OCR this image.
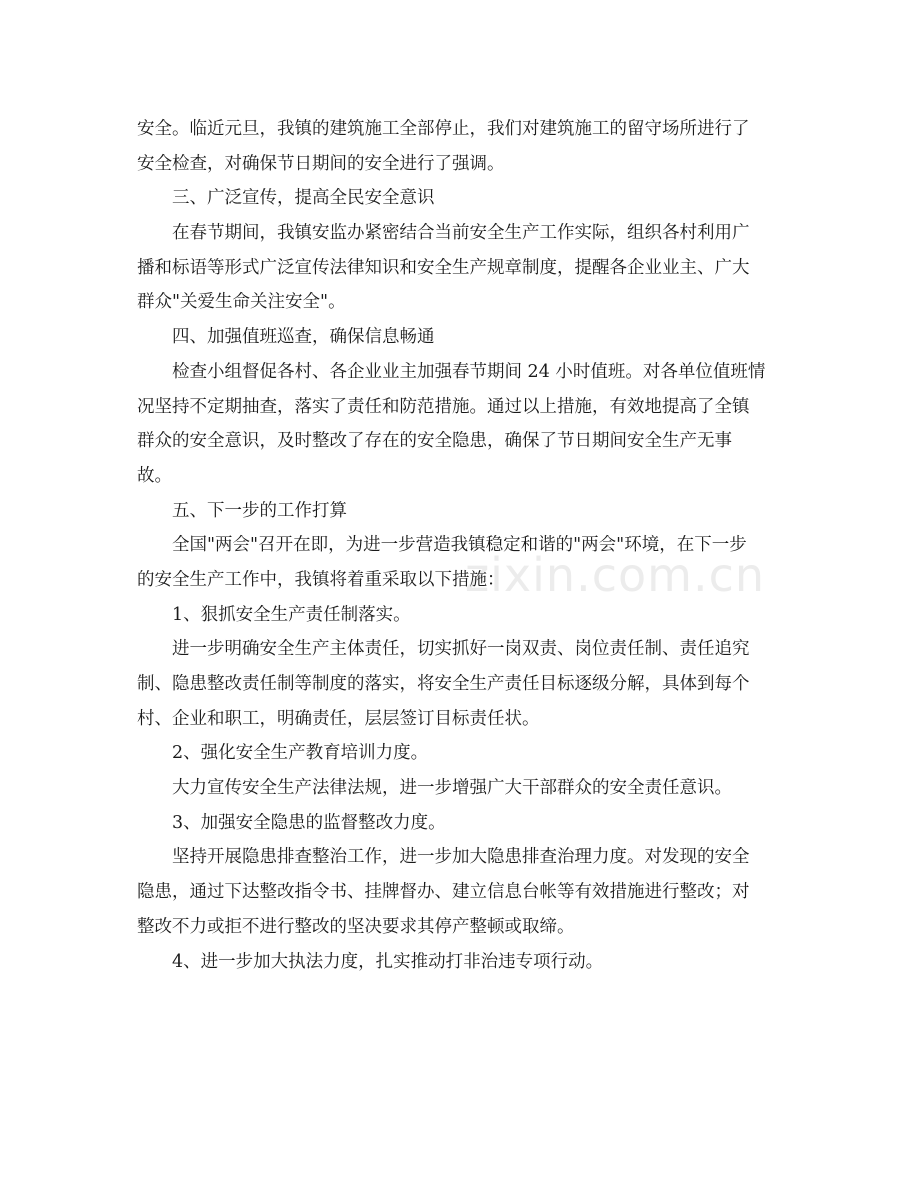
zixin.com.cn
安全。临近元旦，我镇的建筑施工全部停止，我们对建筑施工的留守场所进行了
安全检查，对确保节日期间的安全进行了强调。
三、广泛宣传，提高全民安全意识
在春节期间，我镇安监办紧密结合当前安全生产工作实际，组织各村利用广
播和标语等形式广泛宣传法律知识和安全生产规章制度，提醒各企业业主、广大
群众"关爱生命关注安全"。
四、加强值班巡查，确保信息畅通
检查小组督促各村、各企业业主加强春节期间 24 小时值班。对各单位值班情
况坚持不定期抽查，落实了责任和防范措施。通过以上措施，有效地提高了全镇
群众的安全意识，及时整改了存在的安全隐患，确保了节日期间安全生产无事
故。
五、下一步的工作打算
全国"两会"召开在即，为进一步营造我镇稳定和谐的"两会"环境，在下一步
的安全生产工作中，我镇将着重采取以下措施：
1、狠抓安全生产责任制落实。
进一步明确安全生产主体责任，切实抓好一岗双责、岗位责任制、责任追究
制、隐患整改责任制等制度的落实，将安全生产责任目标逐级分解，具体到每个
村、企业和职工，明确责任，层层签订目标责任状。
2、强化安全生产教育培训力度。
大力宣传安全生产法律法规，进一步增强广大干部群众的安全责任意识。
3、加强安全隐患的监督整改力度。
坚持开展隐患排查整治工作，进一步加大隐患排查治理力度。对发现的安全
隐患，通过下达整改指令书、挂牌督办、建立信息台帐等有效措施进行整改；对
整改不力或拒不进行整改的坚决要求其停产整顿或取缔。
4、进一步加大执法力度，扎实推动打非治违专项行动。
